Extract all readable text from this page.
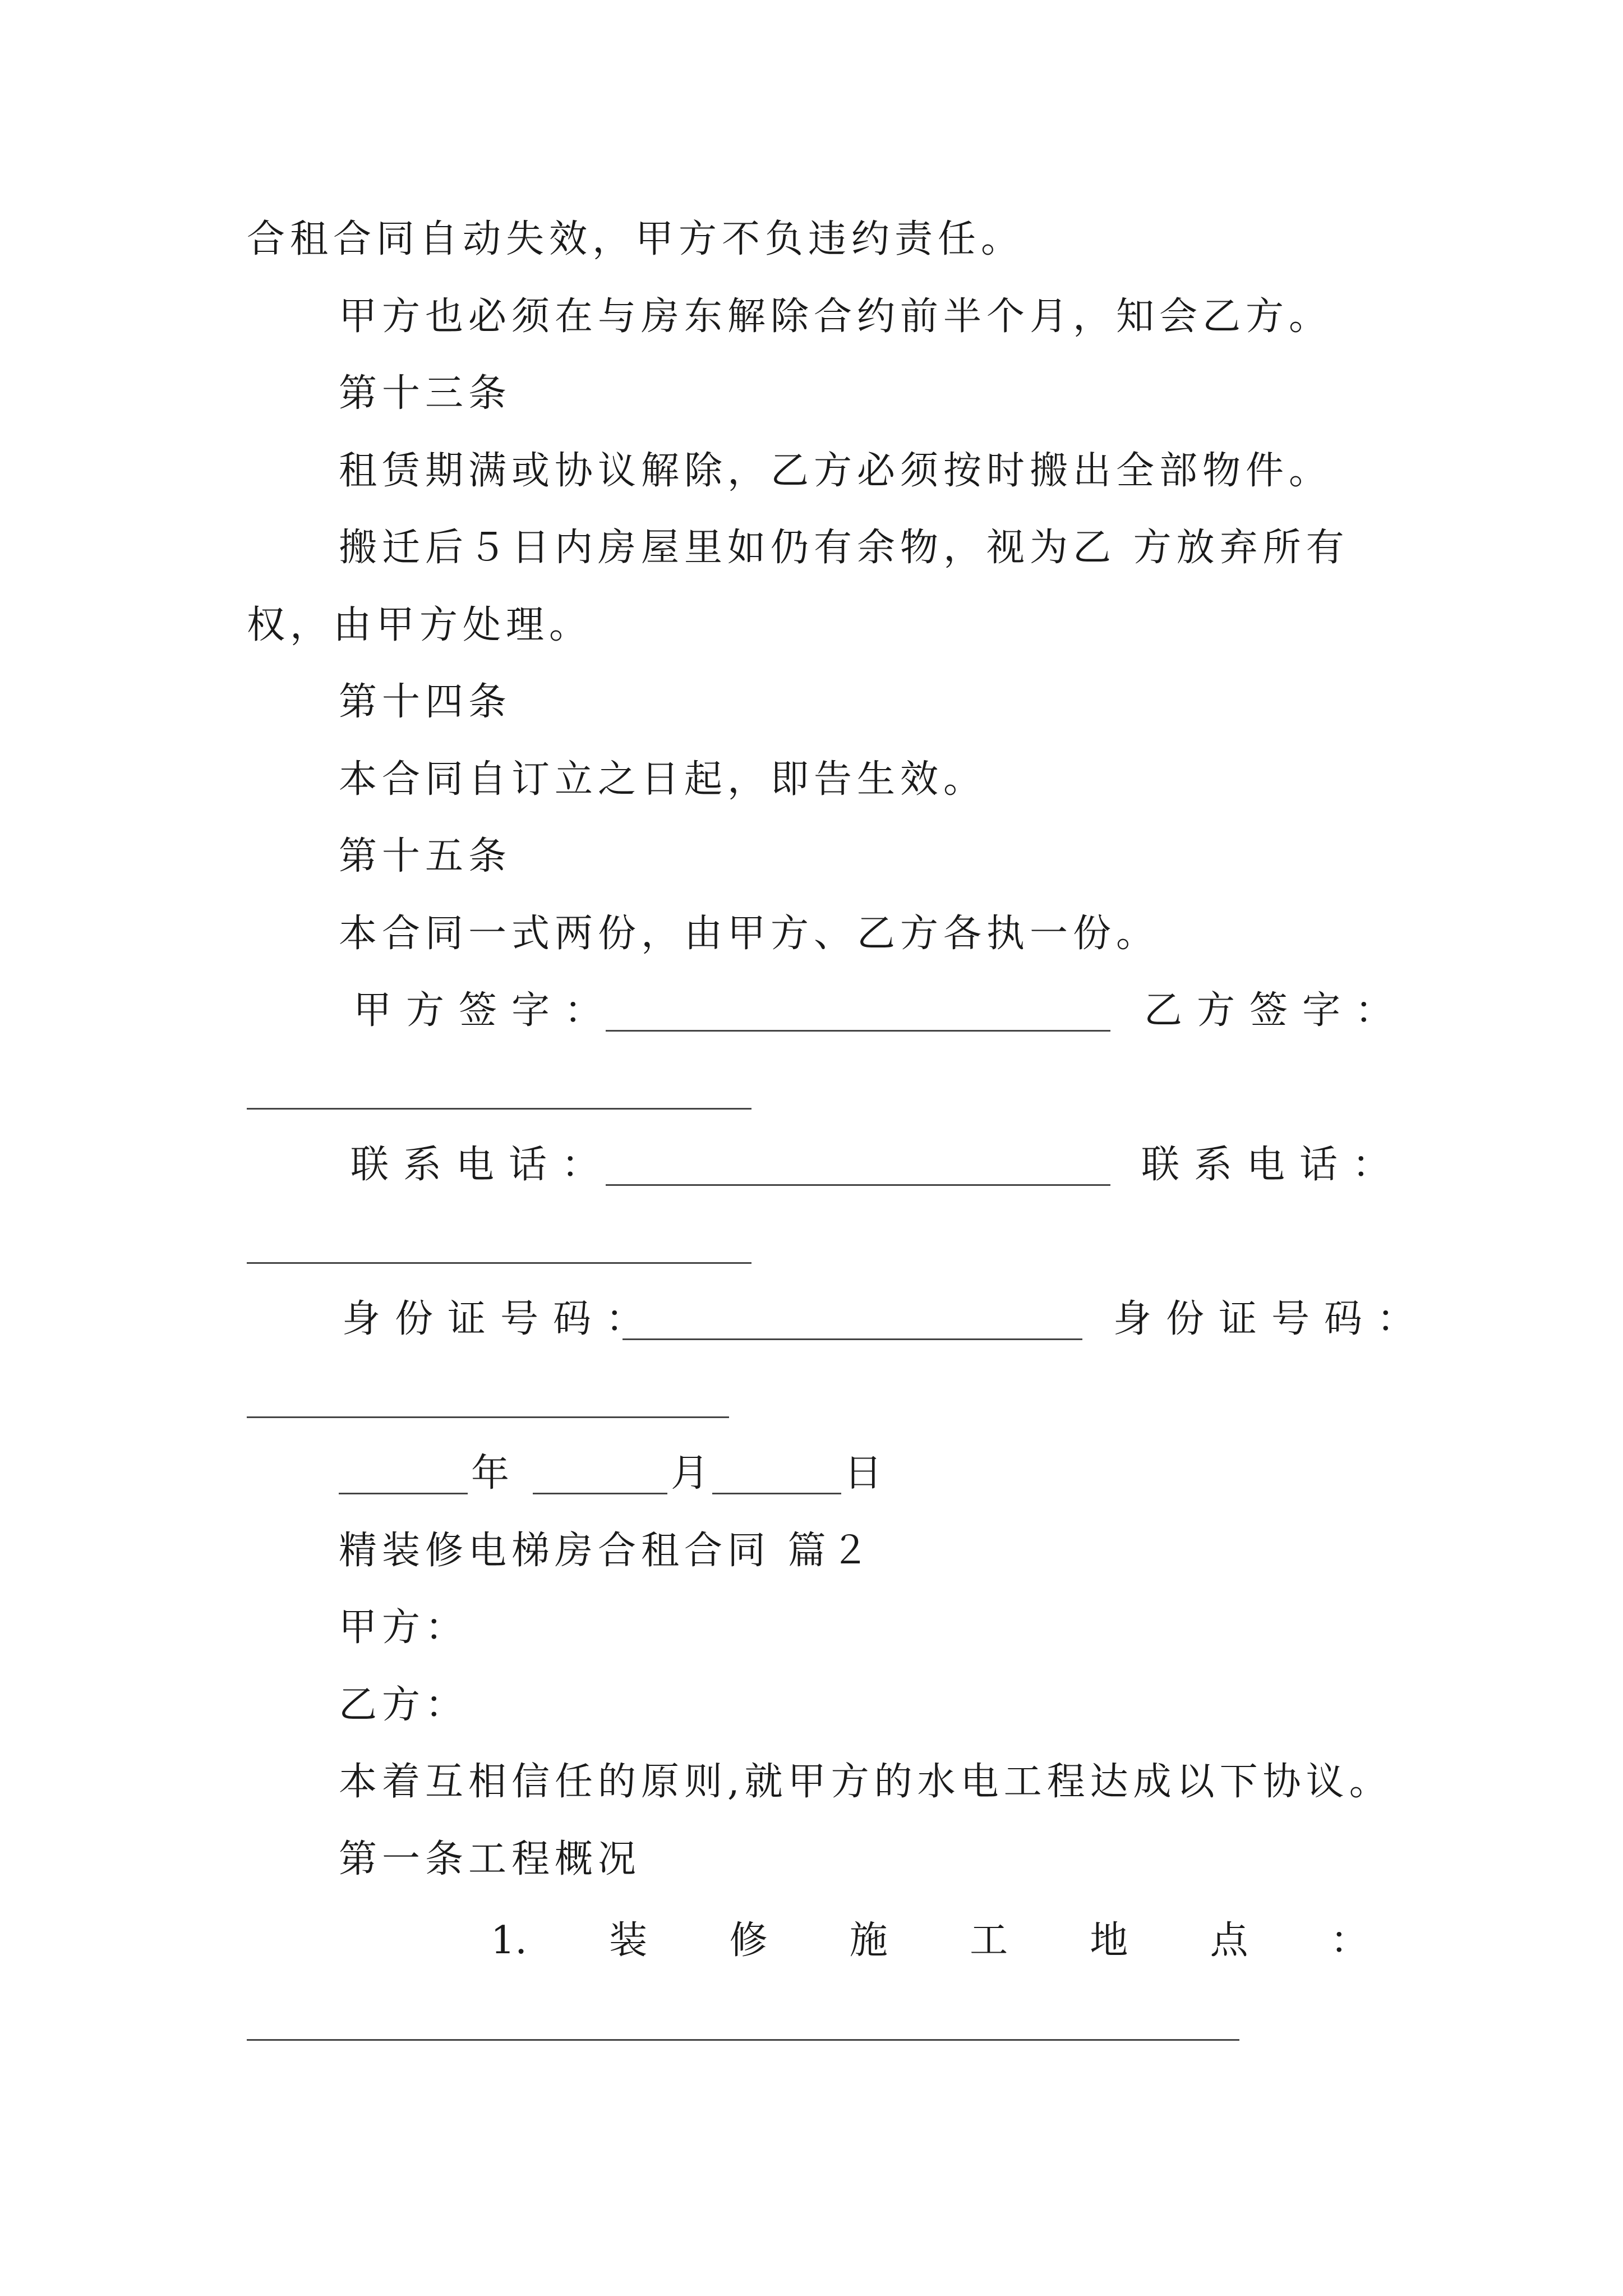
合租合同自动失效，甲方不负违约责任。
甲方也必须在与房东解除合约前半个月，知会乙方。
第十三条
租赁期满或协议解除，乙方必须按时搬出全部物件。
搬迁后５日内房屋里如仍有余物，视为乙 方放弃所有
权，由甲方处理。
第十四条
本合同自订立之日起，即告生效。
第十五条
本合同一式两份，由甲方、乙方各执一份。
甲方签字：	乙方签字：
联系电话：	联系电话：
身份证号码：	身份证号码：
年	月	日
精装修电梯房合租合同 篇２
甲方：
乙方：
本着互相信任的原则,就甲方的水电工程达成以下协议。
第一条工程概况
1. 装 修 施 工 地 点 ：
